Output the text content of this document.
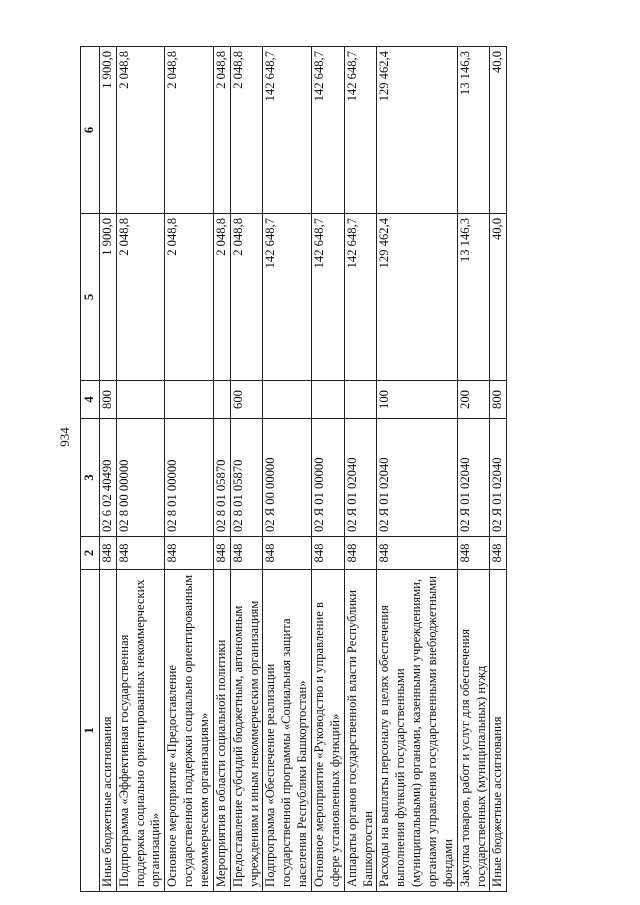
934
1	2	3	4	5	6
Иные бюджетные ассигнования	848	02 6 02 40490	800	1 900,0	1 900,0
Подпрограмма «Эффективная государственная поддержка социально ориентированных некоммерческих организаций»	848	02 8 00 00000		2 048,8	2 048,8
Основное мероприятие «Предоставление государственной поддержки социально ориентированным некоммерческим организациям»	848	02 8 01 00000		2 048,8	2 048,8
Мероприятия в области социальной политики	848	02 8 01 05870		2 048,8	2 048,8
Предоставление субсидий бюджетным, автономным учреждениям и иным некоммерческим организациям	848	02 8 01 05870	600	2 048,8	2 048,8
Подпрограмма «Обеспечение реализации государственной программы «Социальная защита населения Республики Башкортостан»	848	02 Я 00 00000		142 648,7	142 648,7
Основное мероприятие «Руководство и управление в сфере установленных функций»	848	02 Я 01 00000		142 648,7	142 648,7
Аппараты органов государственной власти Республики Башкортостан	848	02 Я 01 02040		142 648,7	142 648,7
Расходы на выплаты персоналу в целях обеспечения выполнения функций государственными (муниципальными) органами, казенными учреждениями, органами управления государственными внебюджетными фондами	848	02 Я 01 02040	100	129 462,4	129 462,4
Закупка товаров, работ и услуг для обеспечения государственных (муниципальных) нужд	848	02 Я 01 02040	200	13 146,3	13 146,3
Иные бюджетные ассигнования	848	02 Я 01 02040	800	40,0	40,0
